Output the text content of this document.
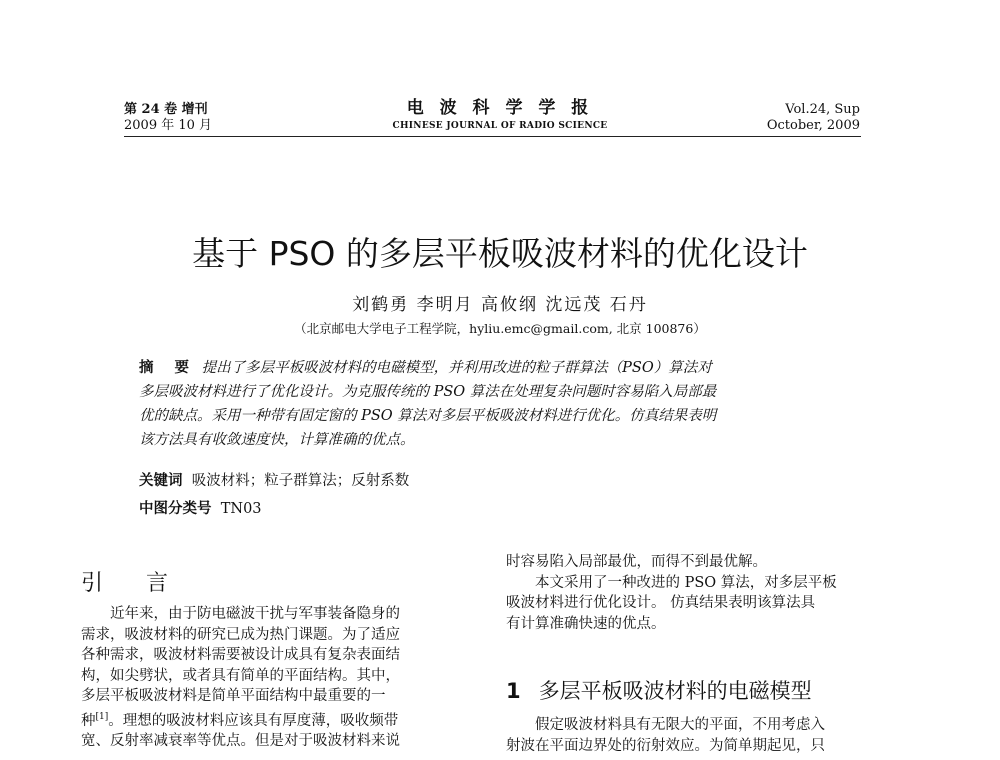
第 24 卷 增刊
2009 年 10 月
电 波 科 学 学 报
CHINESE JOURNAL OF RADIO SCIENCE
Vol.24, Sup
October, 2009
基于 PSO 的多层平板吸波材料的优化设计
刘鹤勇 李明月 高攸纲 沈远茂 石丹
（北京邮电大学电子工程学院，hyliu.emc@gmail.com, 北京 100876）
摘 要 提出了多层平板吸波材料的电磁模型，并利用改进的粒子群算法（PSO）算法对
多层吸波材料进行了优化设计。为克服传统的 PSO 算法在处理复杂问题时容易陷入局部最
优的缺点。采用一种带有固定窗的 PSO 算法对多层平板吸波材料进行优化。仿真结果表明
该方法具有收敛速度快，计算准确的优点。
关键词 吸波材料；粒子群算法；反射系数
中图分类号 TN03
引 言
　　近年来，由于防电磁波干扰与军事装备隐身的
需求，吸波材料的研究已成为热门课题。为了适应
各种需求，吸波材料需要被设计成具有复杂表面结
构，如尖劈状，或者具有简单的平面结构。其中，
多层平板吸波材料是简单平面结构中最重要的一
种[1]。理想的吸波材料应该具有厚度薄，吸收频带
宽、反射率减衰率等优点。但是对于吸波材料来说
时容易陷入局部最优，而得不到最优解。
　　本文采用了一种改进的 PSO 算法，对多层平板
吸波材料进行优化设计。 仿真结果表明该算法具
有计算准确快速的优点。
1 多层平板吸波材料的电磁模型
　　假定吸波材料具有无限大的平面，不用考虑入
射波在平面边界处的衍射效应。为简单期起见，只
